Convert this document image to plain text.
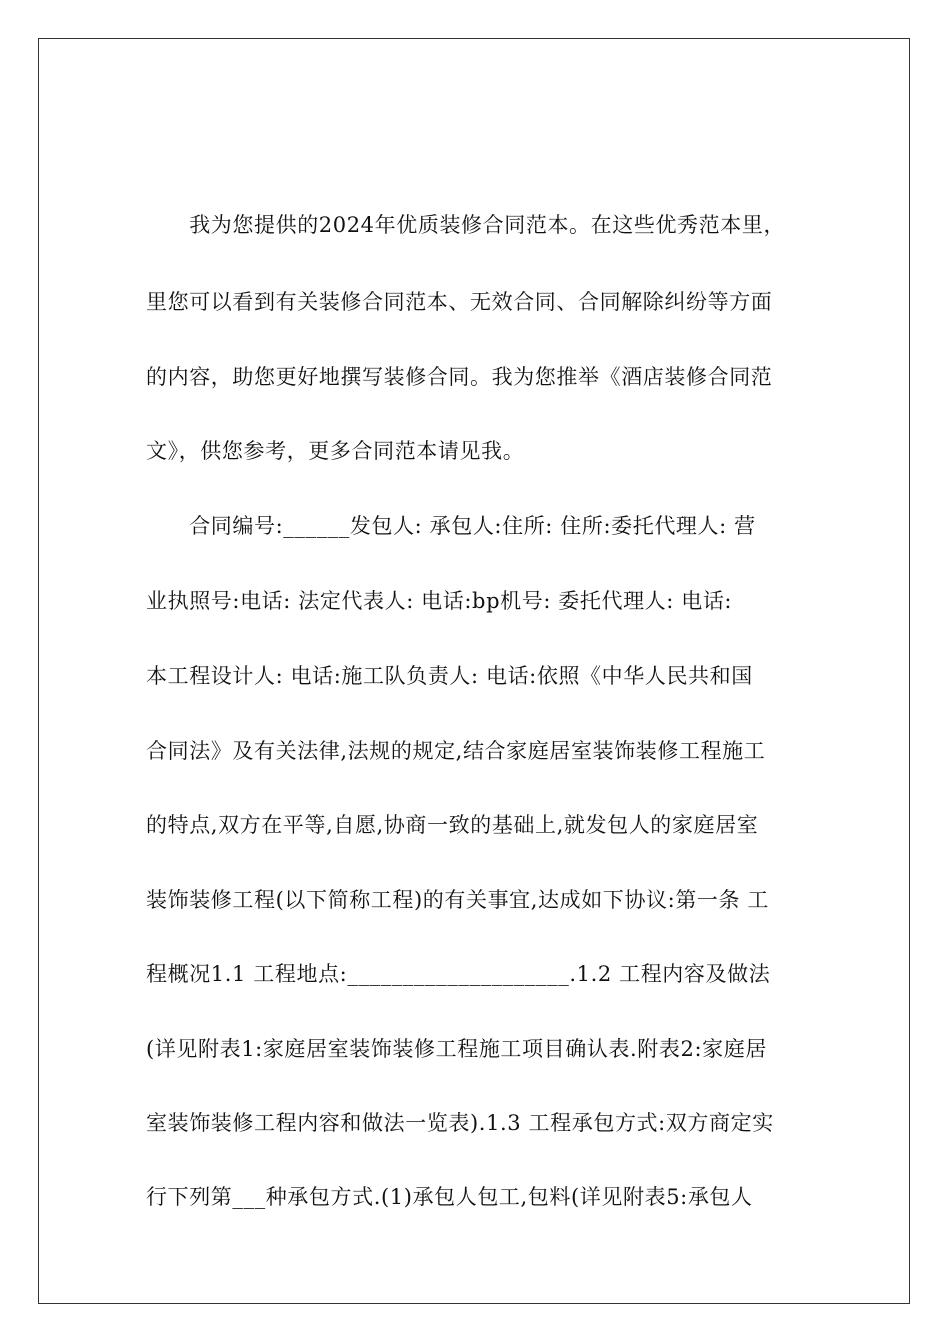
　　我为您提供的2024年优质装修合同范本。在这些优秀范本里，
里您可以看到有关装修合同范本、无效合同、合同解除纠纷等方面
的内容，助您更好地撰写装修合同。我为您推举《酒店装修合同范
文》，供您参考，更多合同范本请见我。
　　合同编号:______发包人: 承包人:住所: 住所:委托代理人: 营
业执照号:电话: 法定代表人: 电话:bp机号: 委托代理人: 电话:
本工程设计人: 电话:施工队负责人: 电话:依照《中华人民共和国
合同法》及有关法律,法规的规定,结合家庭居室装饰装修工程施工
的特点,双方在平等,自愿,协商一致的基础上,就发包人的家庭居室
装饰装修工程(以下简称工程)的有关事宜,达成如下协议:第一条 工
程概况1.1 工程地点:____________________.1.2 工程内容及做法
(详见附表1:家庭居室装饰装修工程施工项目确认表.附表2:家庭居
室装饰装修工程内容和做法一览表).1.3 工程承包方式:双方商定实
行下列第___种承包方式.(1)承包人包工,包料(详见附表5:承包人
